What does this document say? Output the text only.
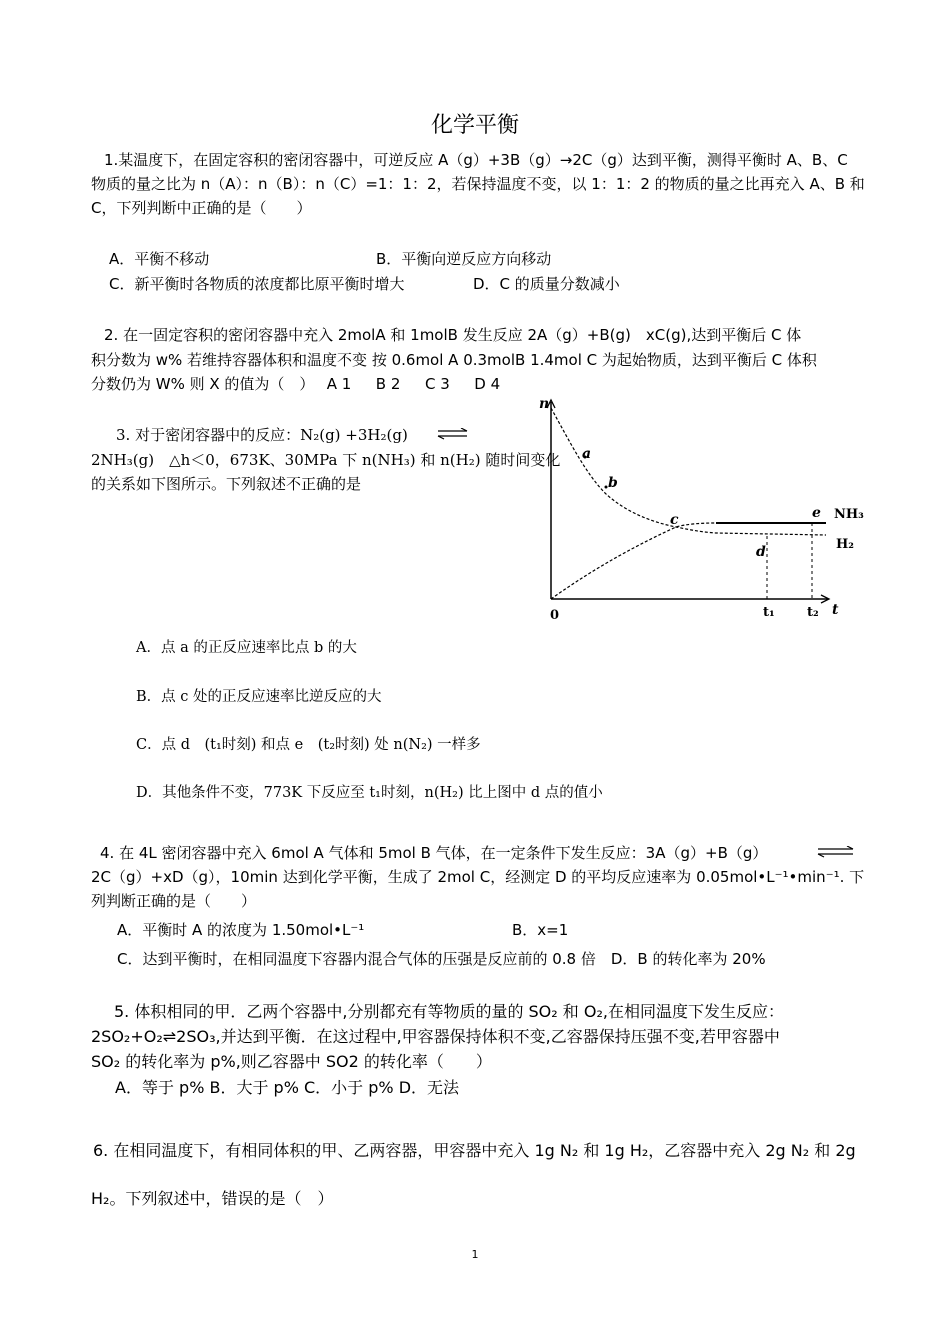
化学平衡
1.某温度下，在固定容积的密闭容器中，可逆反应 A（g）+3B（g）→2C（g）达到平衡，测得平衡时 A、B、C
物质的量之比为 n（A）：n（B）：n（C）=1：1：2，若保持温度不变，以 1：1：2 的物质的量之比再充入 A、B 和
C，下列判断中正确的是（　　）
A．平衡不移动	B．平衡向逆反应方向移动
C．新平衡时各物质的浓度都比原平衡时增大	D．C 的质量分数减小
2. 在一固定容积的密闭容器中充入 2molA 和 1molB 发生反应 2A（g）+B(g)　xC(g),达到平衡后 C 体
积分数为 w% 若维持容器体积和温度不变 按 0.6mol A 0.3molB 1.4mol C 为起始物质，达到平衡后 C 体积
分数仍为 W% 则 X 的值为（　）　 A 1 　 B 2 　 C 3 　 D 4
3. 对于密闭容器中的反应：N₂(g) +3H₂(g)
2NH₃(g)　△h＜0，673K、30MPa 下 n(NH₃) 和 n(H₂) 随时间变化
的关系如下图所示。下列叙述不正确的是
n
t
0
a
b
c
d
e NH₃
H₂
t₁ t₂
A．点 a 的正反应速率比点 b 的大
B．点 c 处的正反应速率比逆反应的大
C．点 d　(t₁时刻) 和点 e　(t₂时刻) 处 n(N₂) 一样多
D．其他条件不变，773K 下反应至 t₁时刻，n(H₂) 比上图中 d 点的值小
4. 在 4L 密闭容器中充入 6mol A 气体和 5mol B 气体，在一定条件下发生反应：3A（g）+B（g）
2C（g）+xD（g），10min 达到化学平衡，生成了 2mol C，经测定 D 的平均反应速率为 0.05mol•L⁻¹•min⁻¹. 下
列判断正确的是（　　）
A．平衡时 A 的浓度为 1.50mol•L⁻¹	B．x=1
C．达到平衡时，在相同温度下容器内混合气体的压强是反应前的 0.8 倍　D．B 的转化率为 20%
5. 体积相同的甲．乙两个容器中,分别都充有等物质的量的 SO₂ 和 O₂,在相同温度下发生反应：
2SO₂+O₂⇌2SO₃,并达到平衡．在这过程中,甲容器保持体积不变,乙容器保持压强不变,若甲容器中
SO₂ 的转化率为 p%,则乙容器中 SO2 的转化率（　　）
A．等于 p% B．大于 p% C．小于 p% D．无法
6. 在相同温度下，有相同体积的甲、乙两容器，甲容器中充入 1g N₂ 和 1g H₂，乙容器中充入 2g N₂ 和 2g
H₂。下列叙述中，错误的是（　）
1
